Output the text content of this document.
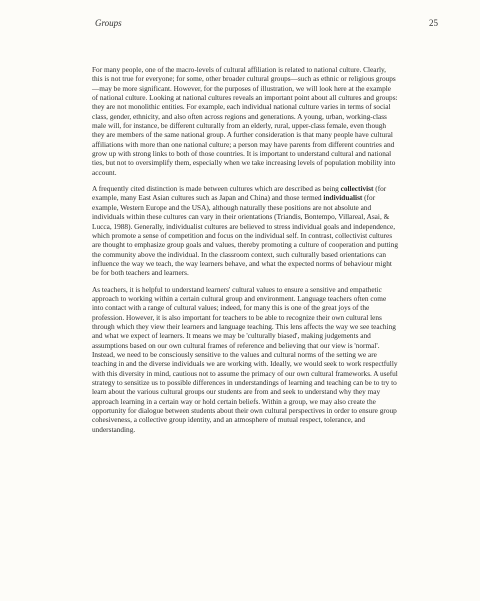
Groups	25

For many people, one of the macro-levels of cultural affiliation is related to national culture. Clearly, this is not true for everyone; for some, other broader cultural groups—such as ethnic or religious groups—may be more significant. However, for the purposes of illustration, we will look here at the example of national culture. Looking at national cultures reveals an important point about all cultures and groups: they are not monolithic entities. For example, each individual national culture varies in terms of social class, gender, ethnicity, and also often across regions and generations. A young, urban, working-class male will, for instance, be different culturally from an elderly, rural, upper-class female, even though they are members of the same national group. A further consideration is that many people have cultural affiliations with more than one national culture; a person may have parents from different countries and grow up with strong links to both of those countries. It is important to understand cultural and national ties, but not to oversimplify them, especially when we take increasing levels of population mobility into account.

A frequently cited distinction is made between cultures which are described as being collectivist (for example, many East Asian cultures such as Japan and China) and those termed individualist (for example, Western Europe and the USA), although naturally these positions are not absolute and individuals within these cultures can vary in their orientations (Triandis, Bontempo, Villareal, Asai, & Lucca, 1988). Generally, individualist cultures are believed to stress individual goals and independence, which promote a sense of competition and focus on the individual self. In contrast, collectivist cultures are thought to emphasize group goals and values, thereby promoting a culture of cooperation and putting the community above the individual. In the classroom context, such culturally based orientations can influence the way we teach, the way learners behave, and what the expected norms of behaviour might be for both teachers and learners.

As teachers, it is helpful to understand learners' cultural values to ensure a sensitive and empathetic approach to working within a certain cultural group and environment. Language teachers often come into contact with a range of cultural values; indeed, for many this is one of the great joys of the profession. However, it is also important for teachers to be able to recognize their own cultural lens through which they view their learners and language teaching. This lens affects the way we see teaching and what we expect of learners. It means we may be 'culturally biased', making judgements and assumptions based on our own cultural frames of reference and believing that our view is 'normal'. Instead, we need to be consciously sensitive to the values and cultural norms of the setting we are teaching in and the diverse individuals we are working with. Ideally, we would seek to work respectfully with this diversity in mind, cautious not to assume the primacy of our own cultural frameworks. A useful strategy to sensitize us to possible differences in understandings of learning and teaching can be to try to learn about the various cultural groups our students are from and seek to understand why they may approach learning in a certain way or hold certain beliefs. Within a group, we may also create the opportunity for dialogue between students about their own cultural perspectives in order to ensure group cohesiveness, a collective group identity, and an atmosphere of mutual respect, tolerance, and understanding.
